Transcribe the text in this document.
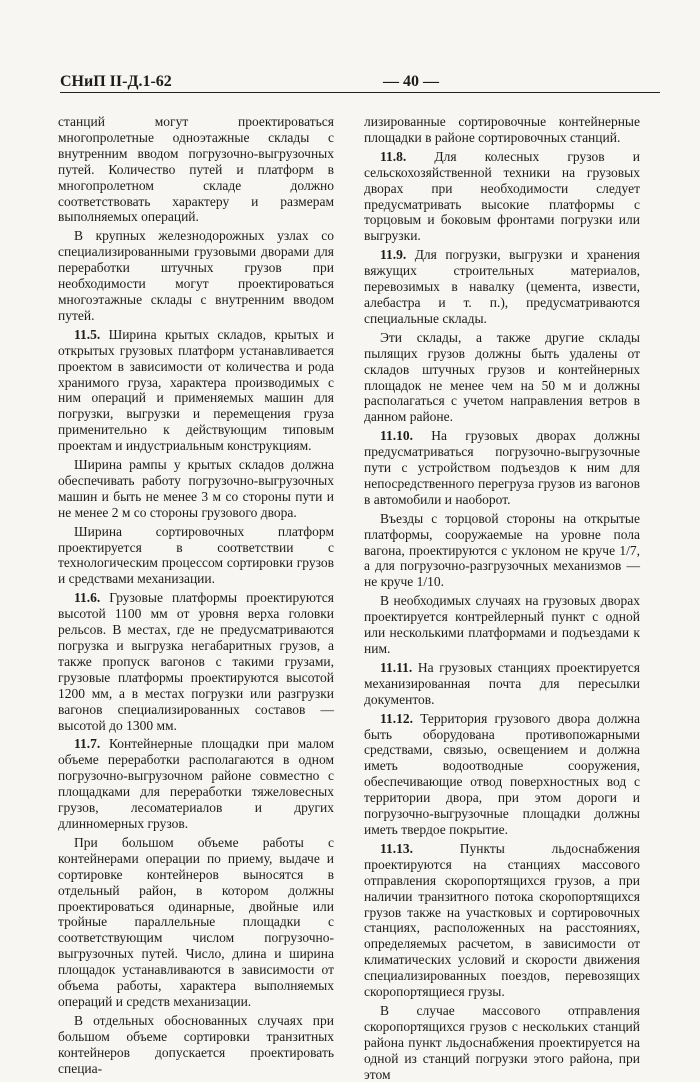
СНиП II-Д.1-62	— 40 —

станций могут проектироваться многопролетные одноэтажные склады с внутренним вводом погрузочно-выгрузочных путей. Количество путей и платформ в многопролетном складе должно соответствовать характеру и размерам выполняемых операций.

В крупных железнодорожных узлах со специализированными грузовыми дворами для переработки штучных грузов при необходимости могут проектироваться многоэтажные склады с внутренним вводом путей.

11.5. Ширина крытых складов, крытых и открытых грузовых платформ устанавливается проектом в зависимости от количества и рода хранимого груза, характера производимых с ним операций и применяемых машин для погрузки, выгрузки и перемещения груза применительно к действующим типовым проектам и индустриальным конструкциям.

Ширина рампы у крытых складов должна обеспечивать работу погрузочно-выгрузочных машин и быть не менее 3 м со стороны пути и не менее 2 м со стороны грузового двора.

Ширина сортировочных платформ проектируется в соответствии с технологическим процессом сортировки грузов и средствами механизации.

11.6. Грузовые платформы проектируются высотой 1100 мм от уровня верха головки рельсов. В местах, где не предусматриваются погрузка и выгрузка негабаритных грузов, а также пропуск вагонов с такими грузами, грузовые платформы проектируются высотой 1200 мм, а в местах погрузки или разгрузки вагонов специализированных составов — высотой до 1300 мм.

11.7. Контейнерные площадки при малом объеме переработки располагаются в одном погрузочно-выгрузочном районе совместно с площадками для переработки тяжеловесных грузов, лесоматериалов и других длинномерных грузов.

При большом объеме работы с контейнерами операции по приему, выдаче и сортировке контейнеров выносятся в отдельный район, в котором должны проектироваться одинарные, двойные или тройные параллельные площадки с соответствующим числом погрузочно-выгрузочных путей. Число, длина и ширина площадок устанавливаются в зависимости от объема работы, характера выполняемых операций и средств механизации.

В отдельных обоснованных случаях при большом объеме сортировки транзитных контейнеров допускается проектировать специа-

лизированные сортировочные контейнерные площадки в районе сортировочных станций.

11.8. Для колесных грузов и сельскохозяйственной техники на грузовых дворах при необходимости следует предусматривать высокие платформы с торцовым и боковым фронтами погрузки или выгрузки.

11.9. Для погрузки, выгрузки и хранения вяжущих строительных материалов, перевозимых в навалку (цемента, извести, алебастра и т. п.), предусматриваются специальные склады.

Эти склады, а также другие склады пылящих грузов должны быть удалены от складов штучных грузов и контейнерных площадок не менее чем на 50 м и должны располагаться с учетом направления ветров в данном районе.

11.10. На грузовых дворах должны предусматриваться погрузочно-выгрузочные пути с устройством подъездов к ним для непосредственного перегруза грузов из вагонов в автомобили и наоборот.

Въезды с торцовой стороны на открытые платформы, сооружаемые на уровне пола вагона, проектируются с уклоном не круче 1/7, а для погрузочно-разгрузочных механизмов — не круче 1/10.

В необходимых случаях на грузовых дворах проектируется контрейлерный пункт с одной или несколькими платформами и подъездами к ним.

11.11. На грузовых станциях проектируется механизированная почта для пересылки документов.

11.12. Территория грузового двора должна быть оборудована противопожарными средствами, связью, освещением и должна иметь водоотводные сооружения, обеспечивающие отвод поверхностных вод с территории двора, при этом дороги и погрузочно-выгрузочные площадки должны иметь твердое покрытие.

11.13.	Пункты льдоснабжения проектируются на станциях массового отправления скоропортящихся грузов, а при наличии транзитного потока скоропортящихся грузов также на участковых и сортировочных станциях, расположенных на расстояниях, определяемых расчетом, в зависимости от климатических условий и скорости движения специализированных поездов, перевозящих скоропортящиеся грузы.

В случае массового отправления скоропортящихся грузов с нескольких станций района пункт льдоснабжения проектируется на одной из станций погрузки этого района, при этом
